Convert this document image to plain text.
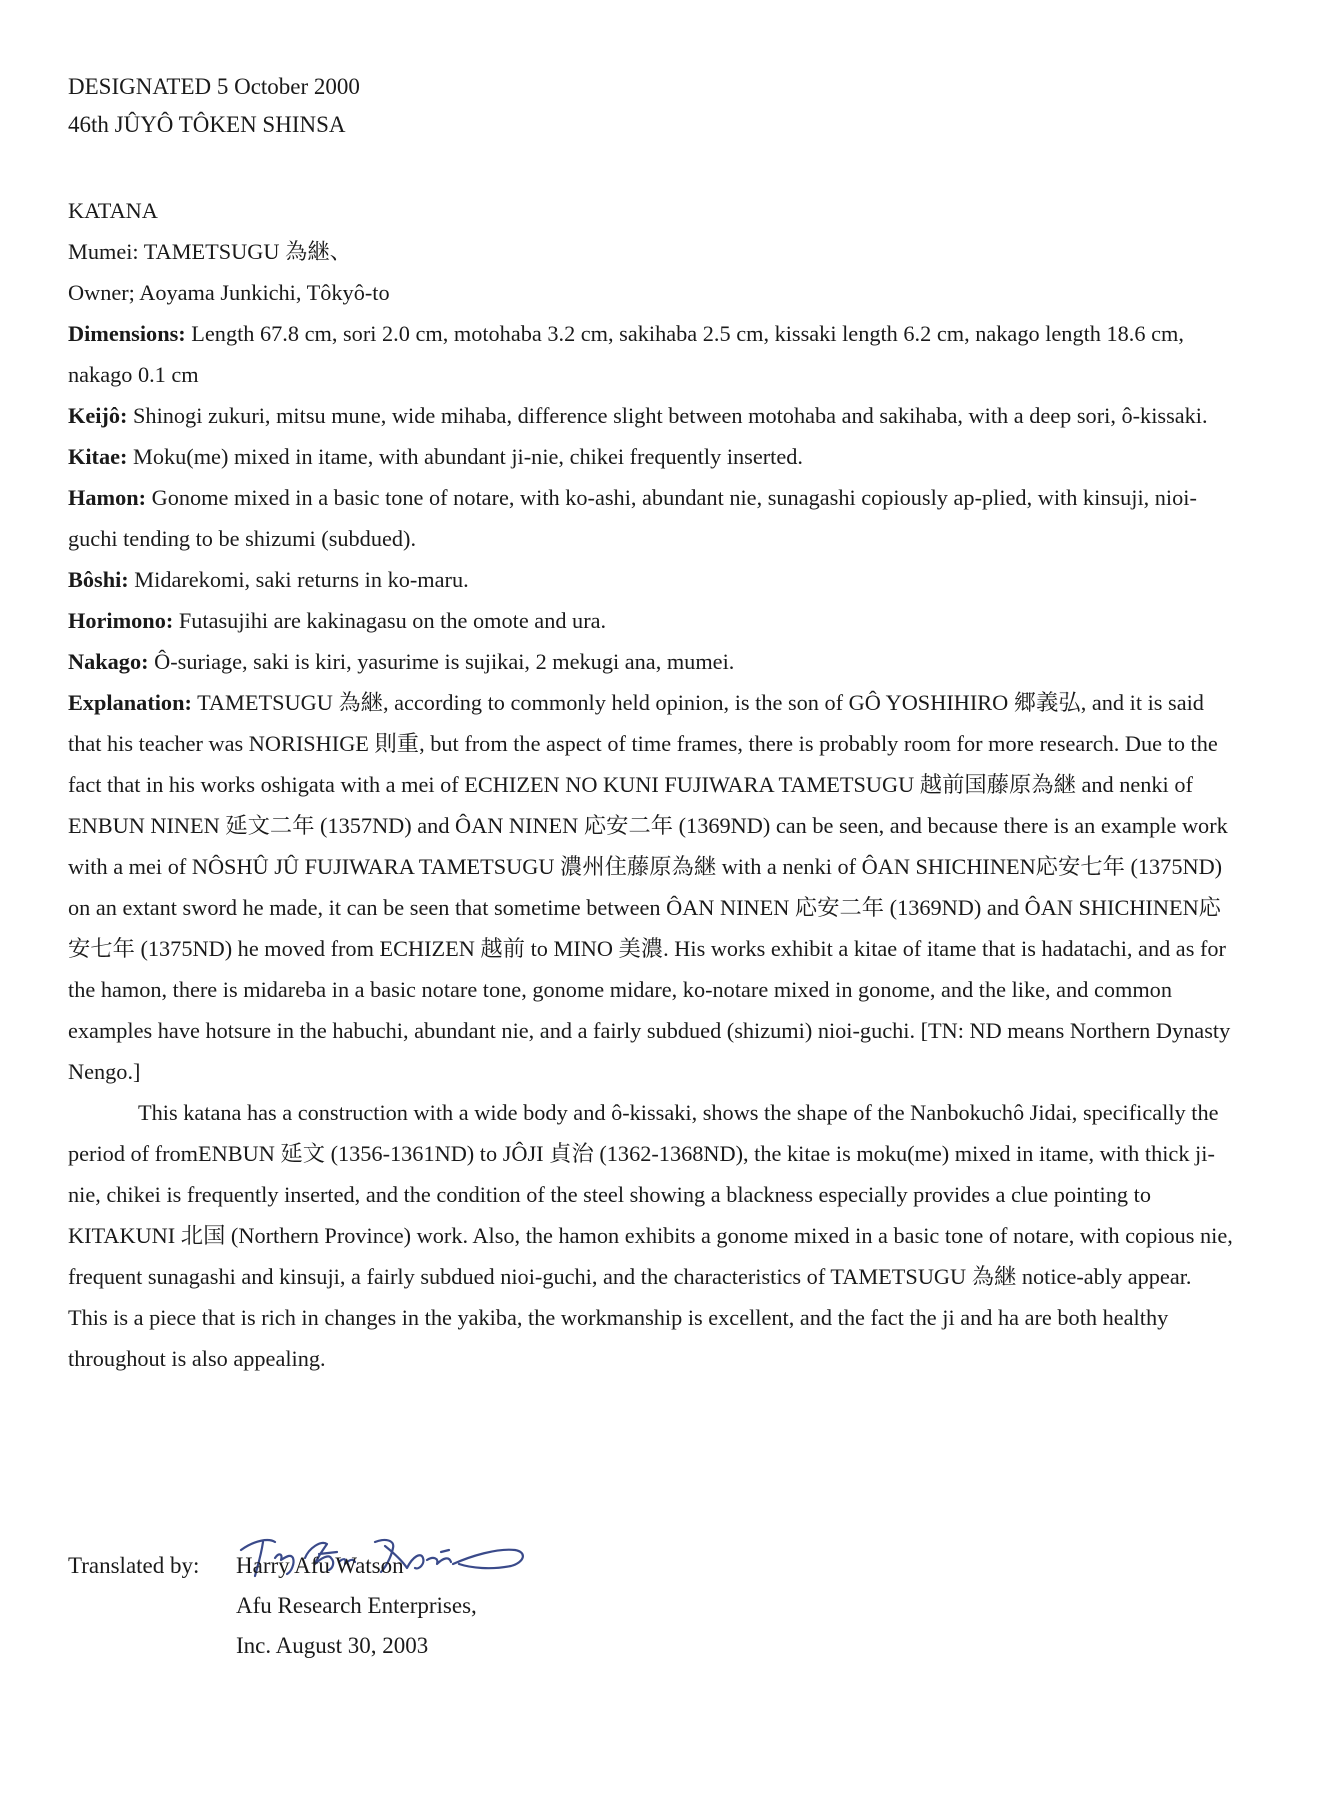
DESIGNATED 5 October 2000
46th JÛYÔ TÔKEN SHINSA

KATANA

Mumei: TAMETSUGU 為継、

Owner; Aoyama Junkichi, Tôkyô-to

Dimensions: Length 67.8 cm, sori 2.0 cm, motohaba 3.2 cm, sakihaba 2.5 cm, kissaki length 6.2 cm, nakago length 18.6 cm, nakago 0.1 cm

Keijô: Shinogi zukuri, mitsu mune, wide mihaba, difference slight between motohaba and sakihaba, with a deep sori, ô-kissaki.

Kitae: Moku(me) mixed in itame, with abundant ji-nie, chikei frequently inserted.

Hamon: Gonome mixed in a basic tone of notare, with ko-ashi, abundant nie, sunagashi copiously ap-plied, with kinsuji, nioi-guchi tending to be shizumi (subdued).

Bôshi: Midarekomi, saki returns in ko-maru.

Horimono: Futasujihi are kakinagasu on the omote and ura.

Nakago: Ô-suriage, saki is kiri, yasurime is sujikai, 2 mekugi ana, mumei.

Explanation: TAMETSUGU 為継, according to commonly held opinion, is the son of GÔ YOSHIHIRO 郷義弘, and it is said that his teacher was NORISHIGE 則重, but from the aspect of time frames, there is probably room for more research. Due to the fact that in his works oshigata with a mei of ECHIZEN NO KUNI FUJIWARA TAMETSUGU 越前国藤原為継 and nenki of ENBUN NINEN 延文二年 (1357ND) and ÔAN NINEN 応安二年 (1369ND) can be seen, and because there is an example work with a mei of NÔSHÛ JÛ FUJIWARA TAMETSUGU 濃州住藤原為継 with a nenki of ÔAN SHICHINEN応安七年 (1375ND) on an extant sword he made, it can be seen that sometime between ÔAN NINEN 応安二年 (1369ND) and ÔAN SHICHINEN応安七年 (1375ND) he moved from ECHIZEN 越前 to MINO 美濃. His works exhibit a kitae of itame that is hadatachi, and as for the hamon, there is midareba in a basic notare tone, gonome midare, ko-notare mixed in gonome, and the like, and common examples have hotsure in the habuchi, abundant nie, and a fairly subdued (shizumi) nioi-guchi. [TN: ND means Northern Dynasty Nengo.]

This katana has a construction with a wide body and ô-kissaki, shows the shape of the Nanbokuchô Jidai, specifically the period of fromENBUN 延文 (1356-1361ND) to JÔJI 貞治 (1362-1368ND), the kitae is moku(me) mixed in itame, with thick ji-nie, chikei is frequently inserted, and the condition of the steel showing a blackness especially provides a clue pointing to KITAKUNI 北国 (Northern Province) work. Also, the hamon exhibits a gonome mixed in a basic tone of notare, with copious nie, frequent sunagashi and kinsuji, a fairly subdued nioi-guchi, and the characteristics of TAMETSUGU 為継 notice-ably appear. This is a piece that is rich in changes in the yakiba, the workmanship is excellent, and the fact the ji and ha are both healthy throughout is also appealing.

Translated by:	Harry Afu Watson
Afu Research Enterprises,
Inc. August 30, 2003
